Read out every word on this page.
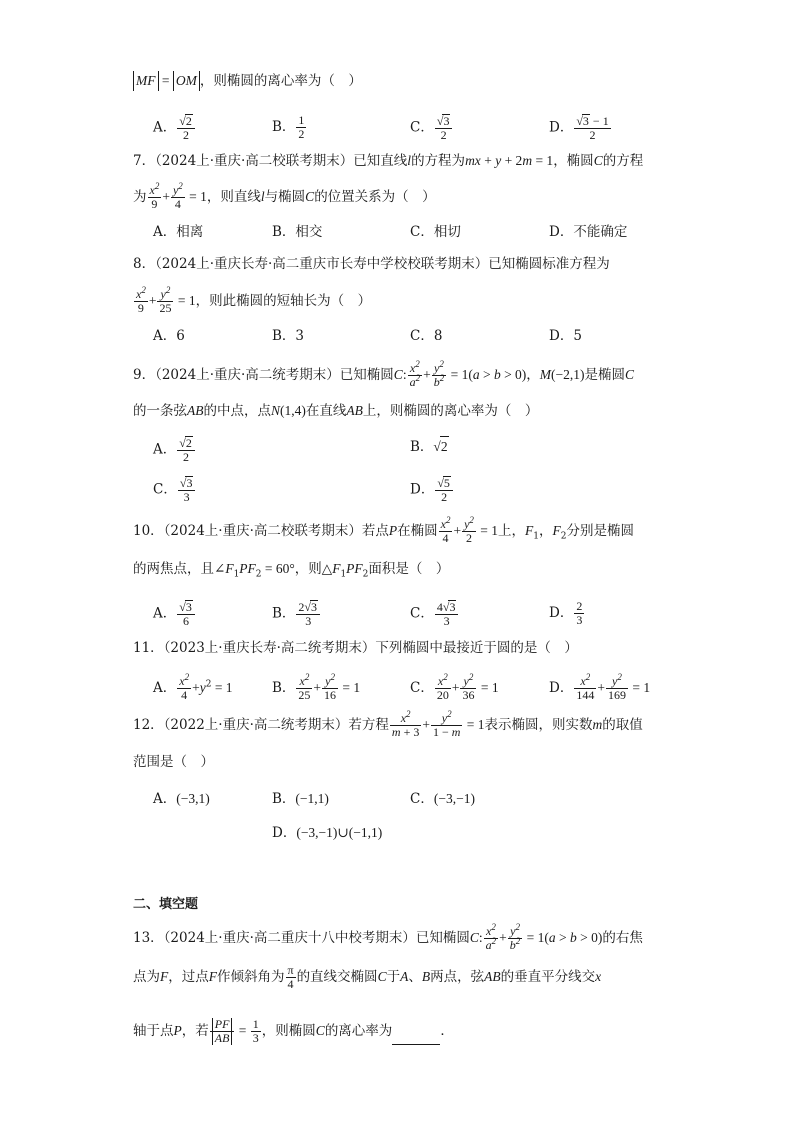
MF = OM ，则椭圆的离心率为（　）
A． $\frac{√2}{2}$	B． $\frac{1}{2}$	C． $\frac{√3}{2}$	D． $\frac{√3 - 1}{2}$
7．（2024上·重庆·高二校联考期末）已知直线l的方程为mx + y + 2m = 1，椭圆C的方程
为 $\frac{x^2}{9} + \frac{y^2}{4} = 1$，则直线l与椭圆C的位置关系为（　）
A．相离	B．相交	C．相切	D．不能确定
8．（2024上·重庆长寿·高二重庆市长寿中学校校联考期末）已知椭圆标准方程为
$\frac{x^2}{9} + \frac{y^2}{25} = 1$，则此椭圆的短轴长为（　）
A．6	B．3	C．8	D．5
9．（2024上·重庆·高二统考期末）已知椭圆C: $\frac{x^2}{a^2} + \frac{y^2}{b^2} = 1(a > b > 0)$，M(−2,1)是椭圆C
的一条弦AB的中点，点N(1,4)在直线AB上，则椭圆的离心率为（　）
A． $\frac{√2}{2}$	B．√2
C． $\frac{√3}{3}$	D． $\frac{√5}{2}$
10．（2024上·重庆·高二校联考期末）若点P在椭圆 $\frac{x^2}{4} + \frac{y^2}{2} = 1$上，$F_1$，$F_2$分别是椭圆
的两焦点，且$\angle F_1PF_2 = 60^\circ$，则$\triangle F_1PF_2$面积是（　）
A． $\frac{√3}{6}$	B． $\frac{2√3}{3}$	C． $\frac{4√3}{3}$	D． $\frac{2}{3}$
11．（2023上·重庆长寿·高二统考期末）下列椭圆中最接近于圆的是（　）
A． $\frac{x^2}{4} +y^2 = 1$	B． $\frac{x^2}{25} + \frac{y^2}{16} = 1$	C． $\frac{x^2}{20} + \frac{y^2}{36} = 1$	D． $\frac{x^2}{144} + \frac{y^2}{169} = 1$
12．（2022上·重庆·高二统考期末）若方程 $\frac{x^2}{m + 3} + \frac{y^2}{1 - m} = 1$表示椭圆，则实数m的取值
范围是（　）
A．(−3,1)	B．(−1,1)	C．(−3,−1)
D．(−3,−1)∪(−1,1)
二、填空题
13．（2024上·重庆·高二重庆十八中校考期末）已知椭圆C: $\frac{x^2}{a^2} + \frac{y^2}{b^2} = 1(a > b > 0)$的右焦
点为F，过点F作倾斜角为 $\frac{\pi}{4}$ 的直线交椭圆C于A、B两点，弦AB的垂直平分线交x
轴于点P，若 $\frac{PF}{AB} = \frac{1}{3}$ ，则椭圆C的离心率为	．
